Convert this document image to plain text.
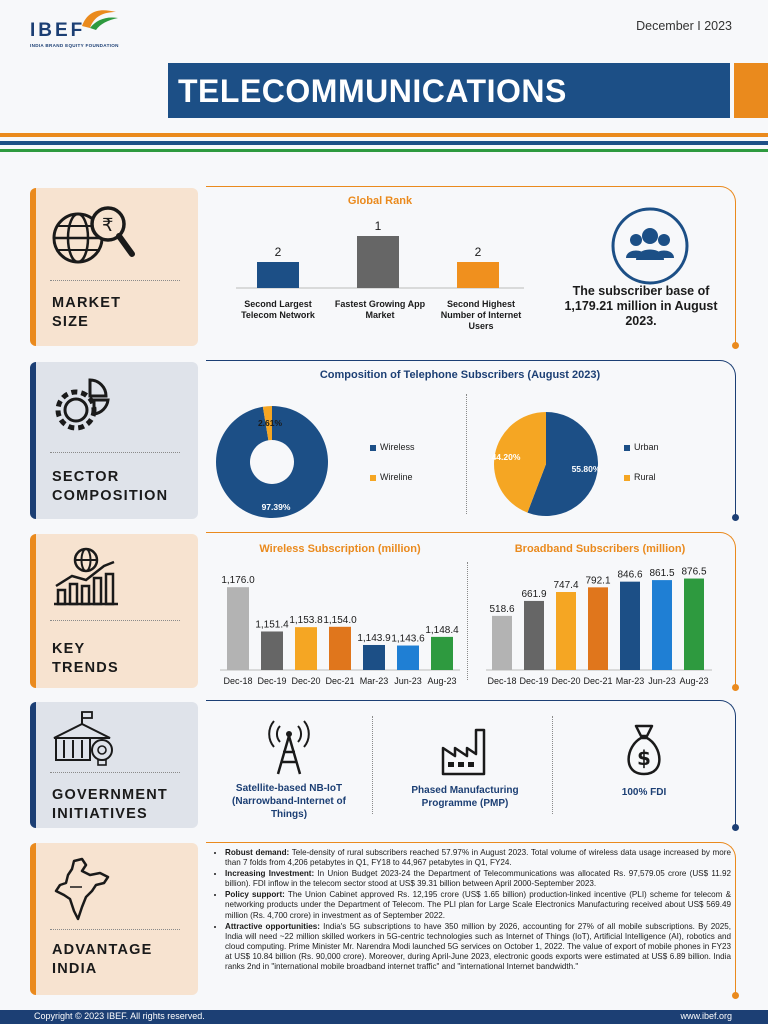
IBEF
INDIA BRAND EQUITY FOUNDATION
December I 2023
TELECOMMUNICATIONS
₹
MARKET
SIZE
SECTOR
COMPOSITION
KEY
TRENDS
GOVERNMENT
INITIATIVES
ADVANTAGE
INDIA
Global Rank
2
1
2
Second Largest Telecom Network
Fastest Growing App Market
Second Highest Number of Internet Users
The subscriber base of 1,179.21 million in August 2023.
Composition of Telephone Subscribers (August 2023)
97.39%
2.61%
Wireless
Wireline
55.80%
44.20%
Urban
Rural
Wireless Subscription (million)	Broadband Subscribers (million)
1,176.0
Dec-18
1,151.4
Dec-19
1,153.8
Dec-20
1,154.0
Dec-21
1,143.9
Mar-23
1,143.6
Jun-23
1,148.4
Aug-23
518.6
Dec-18
661.9
Dec-19
747.4
Dec-20
792.1
Dec-21
846.6
Mar-23
861.5
Jun-23
876.5
Aug-23
Satellite-based NB-IoT (Narrowband-Internet of Things)
Phased Manufacturing Programme (PMP)
$
100% FDI
• Robust demand: Tele-density of rural subscribers reached 57.97% in August 2023. Total volume of wireless data usage increased by more than 7 folds from 4,206 petabytes in Q1, FY18 to 44,967 petabytes in Q1, FY24.
• Increasing Investment: In Union Budget 2023-24 the Department of Telecommunications was allocated Rs. 97,579.05 crore (US$ 11.92 billion). FDI inflow in the telecom sector stood at US$ 39.31 billion between April 2000-September 2023.
• Policy support: The Union Cabinet approved Rs. 12,195 crore (US$ 1.65 billion) production-linked incentive (PLI) scheme for telecom & networking products under the Department of Telecom. The PLI plan for Large Scale Electronics Manufacturing received about US$ 569.49 million (Rs. 4,700 crore) in investment as of September 2022.
• Attractive opportunities: India's 5G subscriptions to have 350 million by 2026, accounting for 27% of all mobile subscriptions. By 2025, India will need ~22 million skilled workers in 5G-centric technologies such as Internet of Things (IoT), Artificial Intelligence (AI), robotics and cloud computing. Prime Minister Mr. Narendra Modi launched 5G services on October 1, 2022. The value of export of mobile phones in FY23 at US$ 10.84 billion (Rs. 90,000 crore). Moreover, during April-June 2023, electronic goods exports were estimated at US$ 6.89 billion. India ranks 2nd in "international mobile broadband internet traffic" and "international Internet bandwidth."
Copyright © 2023 IBEF. All rights reserved.	www.ibef.org
